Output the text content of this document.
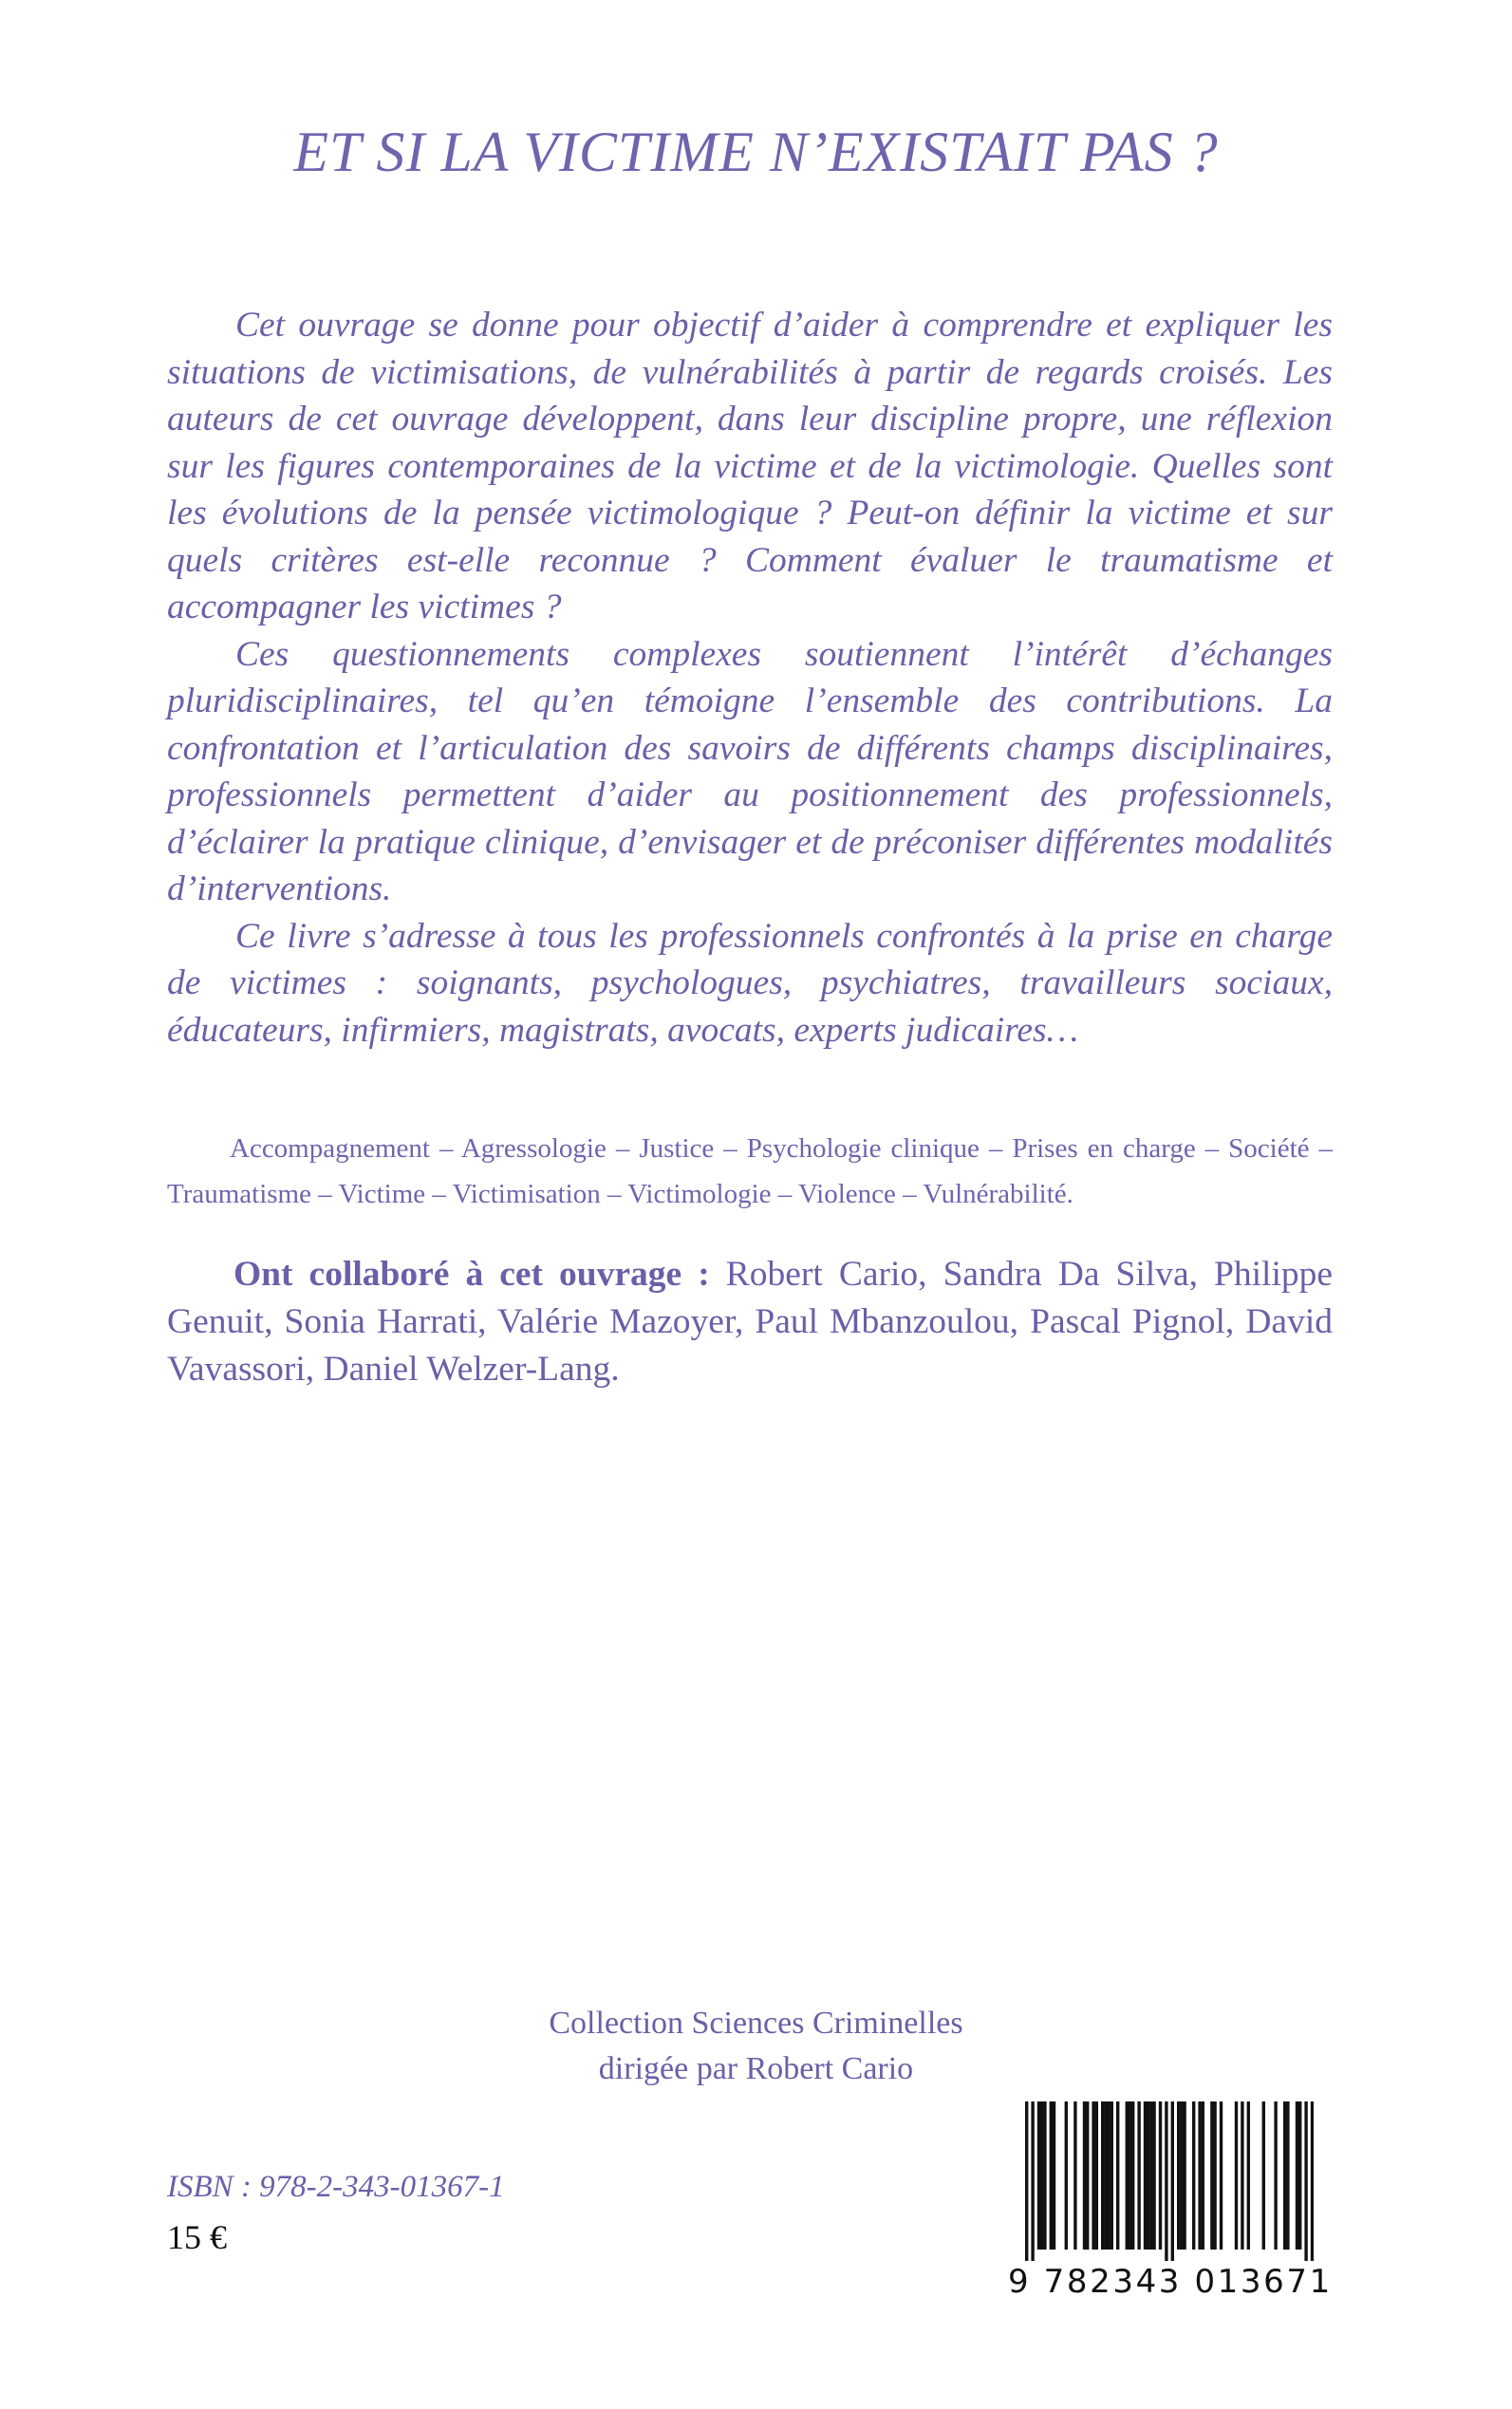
ET SI LA VICTIME N’EXISTAIT PAS ?

Cet ouvrage se donne pour objectif d’aider à comprendre et expliquer les situations de victimisations, de vulnérabilités à partir de regards croisés. Les auteurs de cet ouvrage développent, dans leur discipline propre, une réflexion sur les figures contemporaines de la victime et de la victimologie. Quelles sont les évolutions de la pensée victimologique ? Peut-on définir la victime et sur quels critères est-elle reconnue ? Comment évaluer le traumatisme et accompagner les victimes ?

Ces questionnements complexes soutiennent l’intérêt d’échanges pluridisciplinaires, tel qu’en témoigne l’ensemble des contributions. La confrontation et l’articulation des savoirs de différents champs disciplinaires, professionnels permettent d’aider au positionnement des professionnels, d’éclairer la pratique clinique, d’envisager et de préconiser différentes modalités d’interventions.

Ce livre s’adresse à tous les professionnels confrontés à la prise en charge de victimes : soignants, psychologues, psychiatres, travailleurs sociaux, éducateurs, infirmiers, magistrats, avocats, experts judicaires…

Accompagnement – Agressologie – Justice – Psychologie clinique – Prises en charge – Société – Traumatisme – Victime – Victimisation – Victimologie – Violence – Vulnérabilité.
Ont collaboré à cet ouvrage : Robert Cario, Sandra Da Silva, Philippe Genuit, Sonia Harrati, Valérie Mazoyer, Paul Mbanzoulou, Pascal Pignol, David Vavassori, Daniel Welzer-Lang.
Collection Sciences Criminelles
dirigée par Robert Cario
ISBN : 978-2-343-01367-1
15 €
9 782343 013671
